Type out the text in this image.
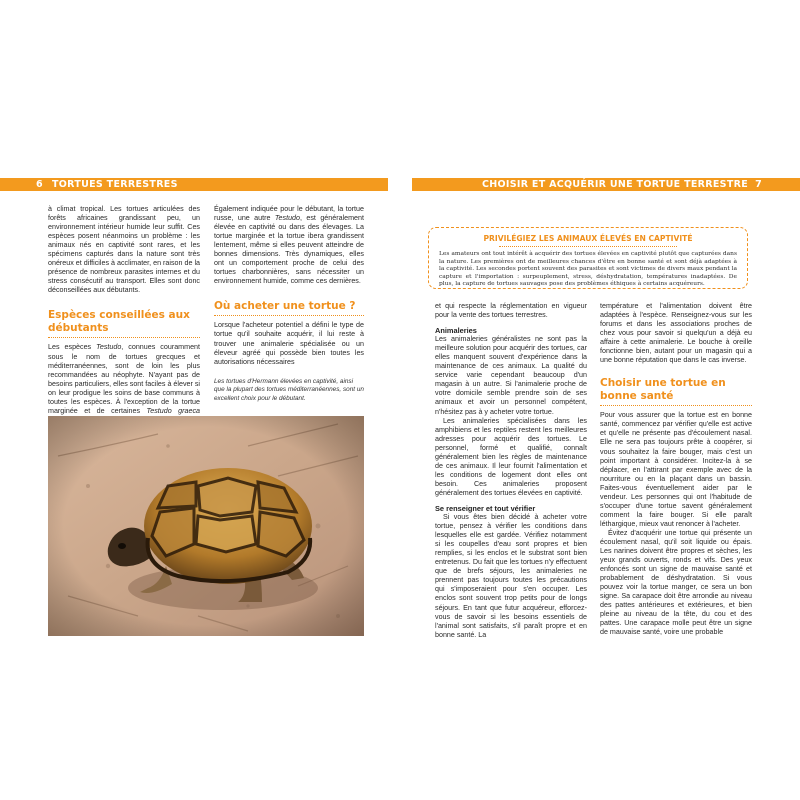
6 TORTUES TERRESTRES	CHOISIR ET ACQUÉRIR UNE TORTUE TERRESTRE 7

à climat tropical. Les tortues articulées des forêts africaines grandissant peu, un environnement intérieur humide leur suffit. Ces espèces posent néanmoins un problème : les animaux nés en captivité sont rares, et les spécimens capturés dans la nature sont très onéreux et difficiles à acclimater, en raison de la présence de nombreux parasites internes et du stress consécutif au transport. Elles sont donc déconseillées aux débutants.

Espèces conseillées aux débutants

Les espèces Testudo, connues couramment sous le nom de tortues grecques et méditerranéennes, sont de loin les plus recommandées au néophyte. N'ayant pas de besoins particuliers, elles sont faciles à élever si on leur prodigue les soins de base communs à toutes les espèces. À l'exception de la tortue marginée et de certaines Testudo graeca

Également indiquée pour le débutant, la tortue russe, une autre Testudo, est généralement élevée en captivité ou dans des élevages. La tortue marginée et la tortue ibera grandissent lentement, même si elles peuvent atteindre de bonnes dimensions. Très dynamiques, elles ont un comportement proche de celui des tortues charbonnières, sans nécessiter un environnement humide, comme ces dernières.

Où acheter une tortue ?

Lorsque l'acheteur potentiel a défini le type de tortue qu'il souhaite acquérir, il lui reste à trouver une animalerie spécialisée ou un éleveur agréé qui possède bien toutes les autorisations nécessaires

Les tortues d'Hermann élevées en captivité, ainsi que la plupart des tortues méditerranéennes, sont un excellent choix pour le débutant.

PRIVILÉGIEZ LES ANIMAUX ÉLEVÉS EN CAPTIVITÉ

Les amateurs ont tout intérêt à acquérir des tortues élevées en captivité plutôt que capturées dans la nature. Les premières ont de meilleures chances d'être en bonne santé et sont déjà adaptées à la captivité. Les secondes portent souvent des parasites et sont victimes de divers maux pendant la capture et l'importation : surpeuplement, stress, déshydratation, températures inadaptées. De plus, la capture de tortues sauvages pose des problèmes éthiques à certains acquéreurs.

et qui respecte la réglementation en vigueur pour la vente des tortues terrestres.

Animaleries

Les animaleries généralistes ne sont pas la meilleure solution pour acquérir des tortues, car elles manquent souvent d'expérience dans la maintenance de ces animaux. La qualité du service varie cependant beaucoup d'un magasin à un autre. Si l'animalerie proche de votre domicile semble prendre soin de ses animaux et avoir un personnel compétent, n'hésitez pas à y acheter votre tortue.

Les animaleries spécialisées dans les amphibiens et les reptiles restent les meilleures adresses pour acquérir des tortues. Le personnel, formé et qualifié, connaît généralement bien les règles de maintenance de ces animaux. Il leur fournit l'alimentation et les conditions de logement dont elles ont besoin. Ces animaleries proposent généralement des tortues élevées en captivité.

Se renseigner et tout vérifier

Si vous êtes bien décidé à acheter votre tortue, pensez à vérifier les conditions dans lesquelles elle est gardée. Vérifiez notamment si les coupelles d'eau sont propres et bien remplies, si les enclos et le substrat sont bien entretenus. Du fait que les tortues n'y effectuent que de brefs séjours, les animaleries ne prennent pas toujours toutes les précautions qui s'imposeraient pour s'en occuper. Les enclos sont souvent trop petits pour de longs séjours. En tant que futur acquéreur, efforcez-vous de savoir si les besoins essentiels de l'animal sont satisfaits, s'il paraît propre et en bonne santé. La

température et l'alimentation doivent être adaptées à l'espèce. Renseignez-vous sur les forums et dans les associations proches de chez vous pour savoir si quelqu'un a déjà eu affaire à cette animalerie. Le bouche à oreille fonctionne bien, autant pour un magasin qui a une bonne réputation que dans le cas inverse.

Choisir une tortue en bonne santé

Pour vous assurer que la tortue est en bonne santé, commencez par vérifier qu'elle est active et qu'elle ne présente pas d'écoulement nasal. Elle ne sera pas toujours prête à coopérer, si vous souhaitez la faire bouger, mais c'est un point important à considérer. Incitez-la à se déplacer, en l'attirant par exemple avec de la nourriture ou en la plaçant dans un bassin. Faites-vous éventuellement aider par le vendeur. Les personnes qui ont l'habitude de s'occuper d'une tortue savent généralement comment la faire bouger. Si elle paraît léthargique, mieux vaut renoncer à l'acheter.

Évitez d'acquérir une tortue qui présente un écoulement nasal, qu'il soit liquide ou épais. Les narines doivent être propres et sèches, les yeux grands ouverts, ronds et vifs. Des yeux enfoncés sont un signe de mauvaise santé et probablement de déshydratation. Si vous pouvez voir la tortue manger, ce sera un bon signe. Sa carapace doit être arrondie au niveau des pattes antérieures et extérieures, et bien pleine au niveau de la tête, du cou et des pattes. Une carapace molle peut être un signe de mauvaise santé, voire une probable
